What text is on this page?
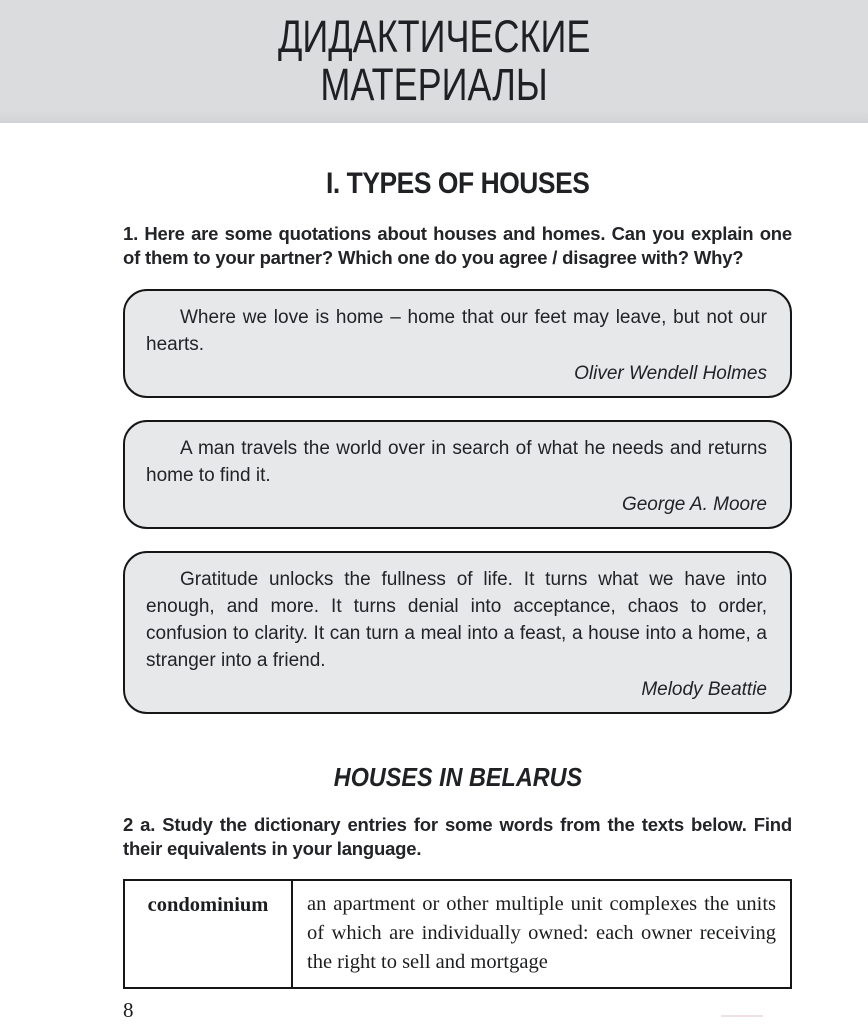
ДИДАКТИЧЕСКИЕ
МАТЕРИАЛЫ
I. TYPES OF HOUSES

1. Here are some quotations about houses and homes. Can you explain one of them to your partner? Which one do you agree / disagree with? Why?

Where we love is home – home that our feet may leave, but not our hearts.

Oliver Wendell Holmes

A man travels the world over in search of what he needs and returns home to find it.

George A. Moore

Gratitude unlocks the fullness of life. It turns what we have into enough, and more. It turns denial into acceptance, chaos to order, confusion to clarity. It can turn a meal into a feast, a house into a home, a stranger into a friend.

Melody Beattie

HOUSES IN BELARUS

2 a. Study the dictionary entries for some words from the texts below. Find their equivalents in your language.

condominium	an apartment or other multiple unit complexes the units of which are individually owned: each owner receiving the right to sell and mortgage
8
